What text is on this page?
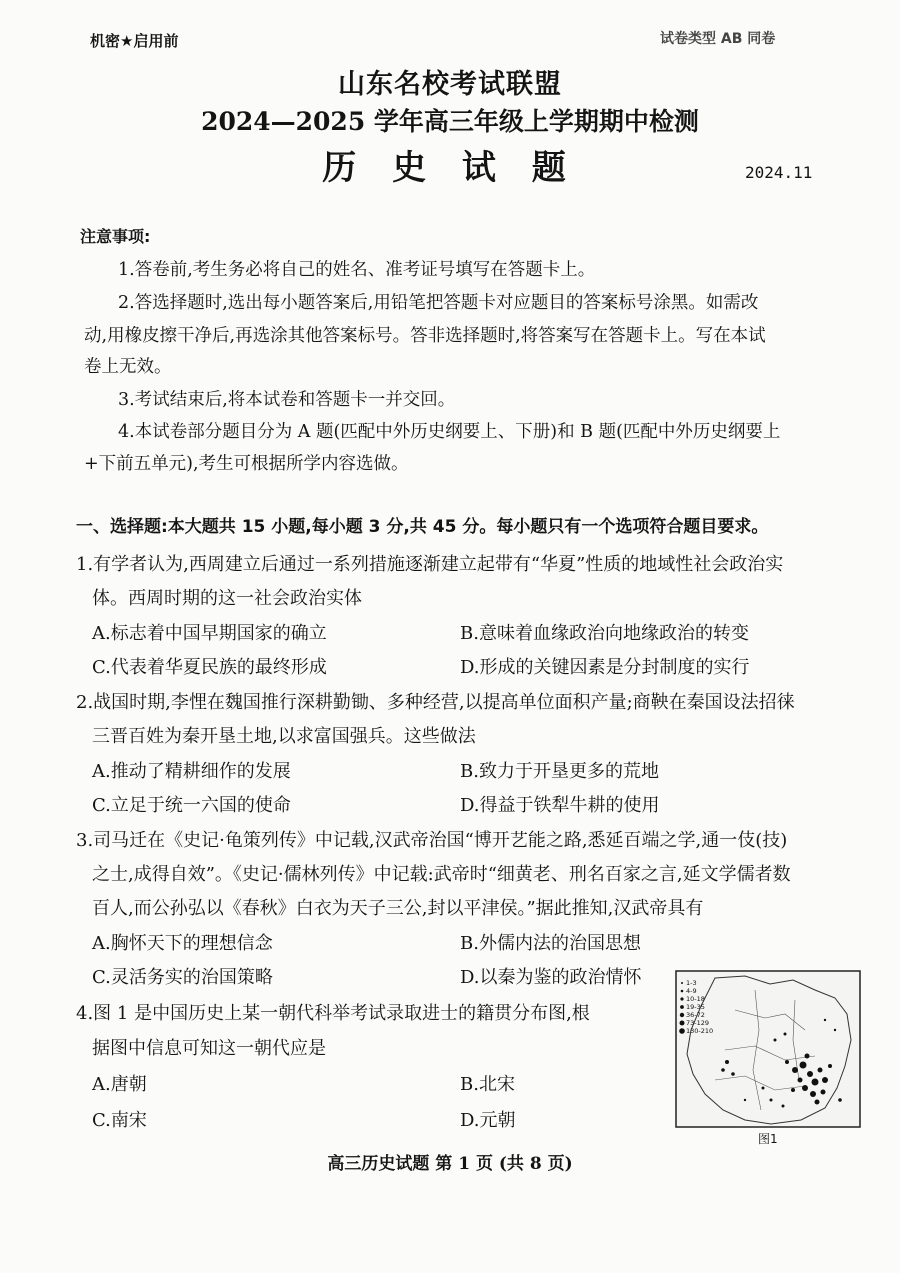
机密★启用前	试卷类型 AB 同卷
山东名校考试联盟
2024—2025 学年高三年级上学期期中检测
历 史 试 题	2024.11
注意事项:
1.答卷前,考生务必将自己的姓名、准考证号填写在答题卡上。
2.答选择题时,选出每小题答案后,用铅笔把答题卡对应题目的答案标号涂黑。如需改
动,用橡皮擦干净后,再选涂其他答案标号。答非选择题时,将答案写在答题卡上。写在本试
卷上无效。
3.考试结束后,将本试卷和答题卡一并交回。
4.本试卷部分题目分为 A 题(匹配中外历史纲要上、下册)和 B 题(匹配中外历史纲要上
+下前五单元),考生可根据所学内容选做。
一、选择题:本大题共 15 小题,每小题 3 分,共 45 分。每小题只有一个选项符合题目要求。
1.有学者认为,西周建立后通过一系列措施逐渐建立起带有“华夏”性质的地域性社会政治实
体。西周时期的这一社会政治实体
A.标志着中国早期国家的确立	B.意味着血缘政治向地缘政治的转变
C.代表着华夏民族的最终形成	D.形成的关键因素是分封制度的实行
2.战国时期,李悝在魏国推行深耕勤锄、多种经营,以提高单位面积产量;商鞅在秦国设法招徕
三晋百姓为秦开垦土地,以求富国强兵。这些做法
A.推动了精耕细作的发展	B.致力于开垦更多的荒地
C.立足于统一六国的使命	D.得益于铁犁牛耕的使用
3.司马迁在《史记·龟策列传》中记载,汉武帝治国“博开艺能之路,悉延百端之学,通一伎(技)
之士,成得自效”。《史记·儒林列传》中记载:武帝时“细黄老、刑名百家之言,延文学儒者数
百人,而公孙弘以《春秋》白衣为天子三公,封以平津侯。”据此推知,汉武帝具有
A.胸怀天下的理想信念	B.外儒内法的治国思想
C.灵活务实的治国策略	D.以秦为鉴的政治情怀
4.图 1 是中国历史上某一朝代科举考试录取进士的籍贯分布图,根
据图中信息可知这一朝代应是
A.唐朝	B.北宋
C.南宋	D.元朝
1-3
4-9
10-18
19-35
36-72
73-129
130-210
图1
高三历史试题 第 1 页 (共 8 页)
